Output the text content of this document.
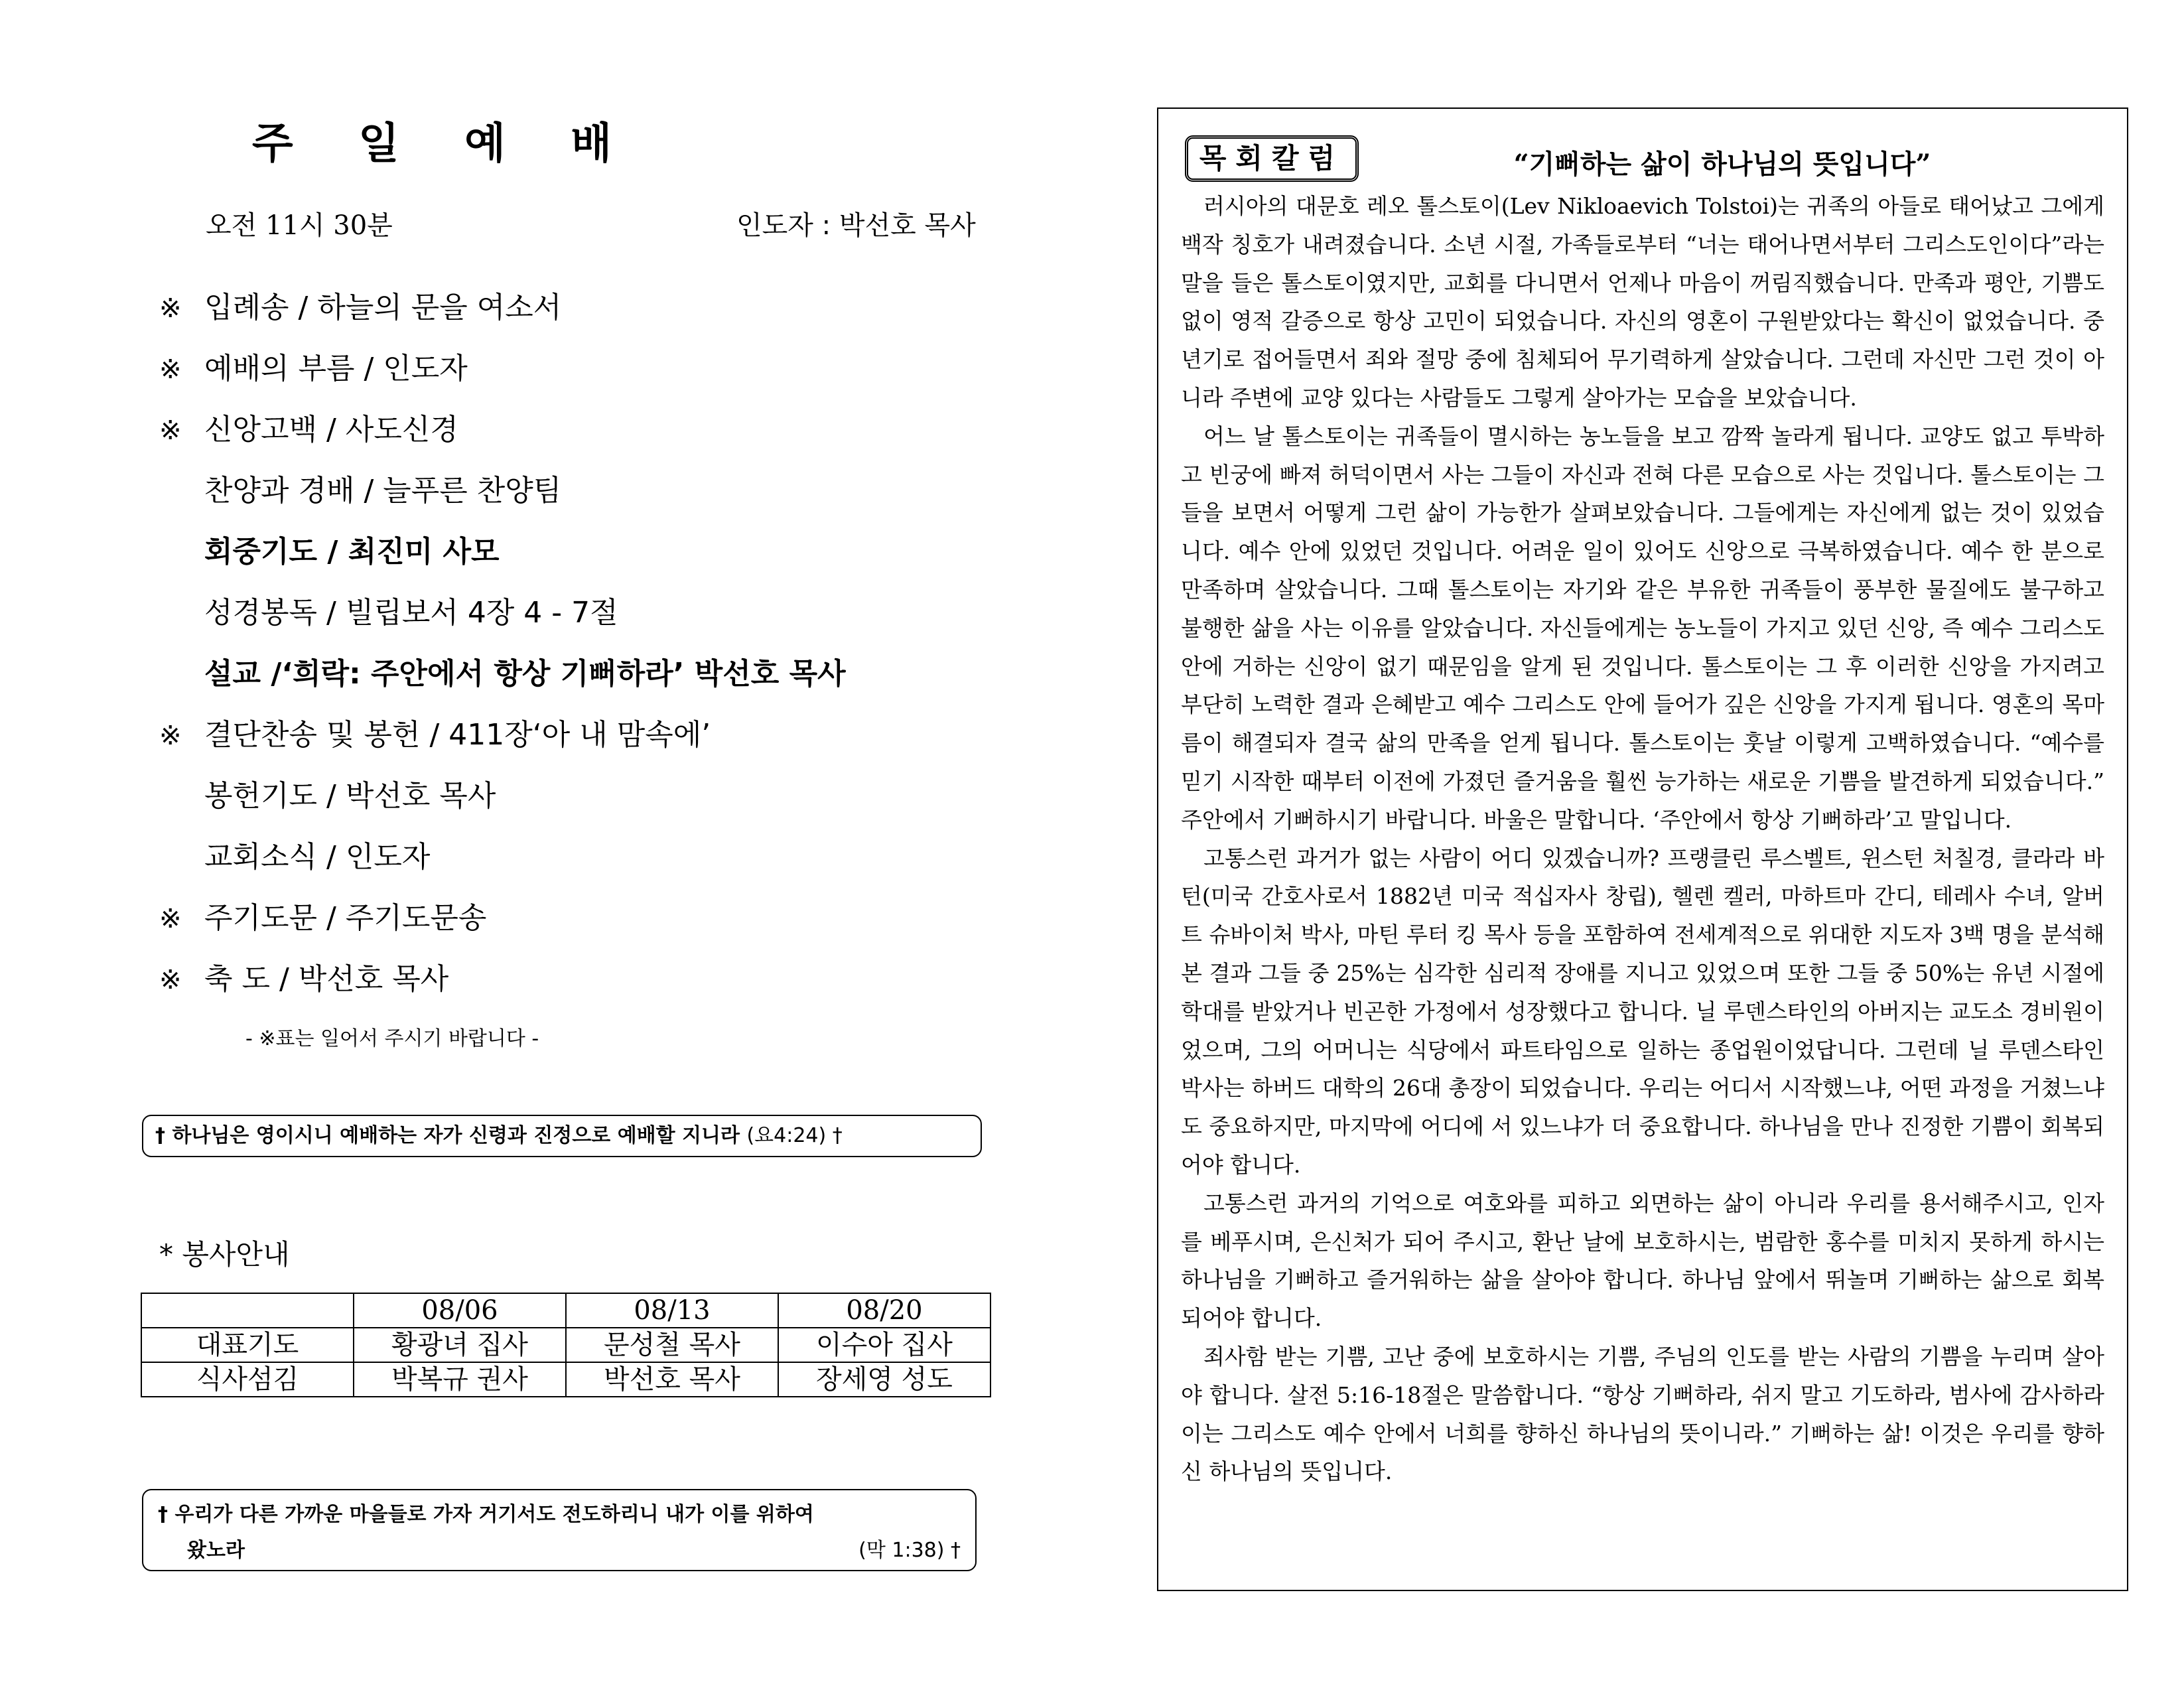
주 일 예 배
오전 11시 30분	인도자 : 박선호 목사
※ 입례송 / 하늘의 문을 여소서
※ 예배의 부름 / 인도자
※ 신앙고백 / 사도신경
찬양과 경배 / 늘푸른 찬양팀
회중기도 / 최진미 사모
성경봉독 / 빌립보서 4장 4 - 7절
설교 /‘희락: 주안에서 항상 기뻐하라’ 박선호 목사
※ 결단찬송 및 봉헌 / 411장‘아 내 맘속에’
봉헌기도 / 박선호 목사
교회소식 / 인도자
※ 주기도문 / 주기도문송
※ 축 도 / 박선호 목사
- ※표는 일어서 주시기 바랍니다 -
† 하나님은 영이시니 예배하는 자가 신령과 진정으로 예배할 지니라 (요4:24) †
* 봉사안내
	08/06	08/13	08/20
대표기도	황광녀 집사	문성철 목사	이수아 집사
식사섬김	박복규 권사	박선호 목사	장세영 성도
† 우리가 다른 가까운 마을들로 가자 거기서도 전도하리니 내가 이를 위하여
왔노라	(막 1:38) †
목회칼럼	“기뻐하는 삶이 하나님의 뜻입니다”

러시아의 대문호 레오 톨스토이(Lev Nikloaevich Tolstoi)는 귀족의 아들로 태어났고 그에게 백작 칭호가 내려졌습니다. 소년 시절, 가족들로부터 “너는 태어나면서부터 그리스도인이다”라는 말을 들은 톨스토이였지만, 교회를 다니면서 언제나 마음이 꺼림직했습니다. 만족과 평안, 기쁨도 없이 영적 갈증으로 항상 고민이 되었습니다. 자신의 영혼이 구원받았다는 확신이 없었습니다. 중년기로 접어들면서 죄와 절망 중에 침체되어 무기력하게 살았습니다. 그런데 자신만 그런 것이 아니라 주변에 교양 있다는 사람들도 그렇게 살아가는 모습을 보았습니다.

어느 날 톨스토이는 귀족들이 멸시하는 농노들을 보고 깜짝 놀라게 됩니다. 교양도 없고 투박하고 빈궁에 빠져 허덕이면서 사는 그들이 자신과 전혀 다른 모습으로 사는 것입니다. 톨스토이는 그들을 보면서 어떻게 그런 삶이 가능한가 살펴보았습니다. 그들에게는 자신에게 없는 것이 있었습니다. 예수 안에 있었던 것입니다. 어려운 일이 있어도 신앙으로 극복하였습니다. 예수 한 분으로 만족하며 살았습니다. 그때 톨스토이는 자기와 같은 부유한 귀족들이 풍부한 물질에도 불구하고 불행한 삶을 사는 이유를 알았습니다. 자신들에게는 농노들이 가지고 있던 신앙, 즉 예수 그리스도 안에 거하는 신앙이 없기 때문임을 알게 된 것입니다. 톨스토이는 그 후 이러한 신앙을 가지려고 부단히 노력한 결과 은혜받고 예수 그리스도 안에 들어가 깊은 신앙을 가지게 됩니다. 영혼의 목마름이 해결되자 결국 삶의 만족을 얻게 됩니다. 톨스토이는 훗날 이렇게 고백하였습니다. “예수를 믿기 시작한 때부터 이전에 가졌던 즐거움을 훨씬 능가하는 새로운 기쁨을 발견하게 되었습니다.” 주안에서 기뻐하시기 바랍니다. 바울은 말합니다. ‘주안에서 항상 기뻐하라’고 말입니다.

고통스런 과거가 없는 사람이 어디 있겠습니까? 프랭클린 루스벨트, 윈스턴 처칠경, 클라라 바턴(미국 간호사로서 1882년 미국 적십자사 창립), 헬렌 켈러, 마하트마 간디, 테레사 수녀, 알버트 슈바이처 박사, 마틴 루터 킹 목사 등을 포함하여 전세계적으로 위대한 지도자 3백 명을 분석해 본 결과 그들 중 25%는 심각한 심리적 장애를 지니고 있었으며 또한 그들 중 50%는 유년 시절에 학대를 받았거나 빈곤한 가정에서 성장했다고 합니다. 닐 루덴스타인의 아버지는 교도소 경비원이었으며, 그의 어머니는 식당에서 파트타임으로 일하는 종업원이었답니다. 그런데 닐 루덴스타인 박사는 하버드 대학의 26대 총장이 되었습니다. 우리는 어디서 시작했느냐, 어떤 과정을 거쳤느냐도 중요하지만, 마지막에 어디에 서 있느냐가 더 중요합니다. 하나님을 만나 진정한 기쁨이 회복되어야 합니다.

고통스런 과거의 기억으로 여호와를 피하고 외면하는 삶이 아니라 우리를 용서해주시고, 인자를 베푸시며, 은신처가 되어 주시고, 환난 날에 보호하시는, 범람한 홍수를 미치지 못하게 하시는 하나님을 기뻐하고 즐거워하는 삶을 살아야 합니다. 하나님 앞에서 뛰놀며 기뻐하는 삶으로 회복되어야 합니다.

죄사함 받는 기쁨, 고난 중에 보호하시는 기쁨, 주님의 인도를 받는 사람의 기쁨을 누리며 살아야 합니다. 살전 5:16-18절은 말씀합니다. “항상 기뻐하라, 쉬지 말고 기도하라, 범사에 감사하라 이는 그리스도 예수 안에서 너희를 향하신 하나님의 뜻이니라.” 기뻐하는 삶! 이것은 우리를 향하신 하나님의 뜻입니다.
